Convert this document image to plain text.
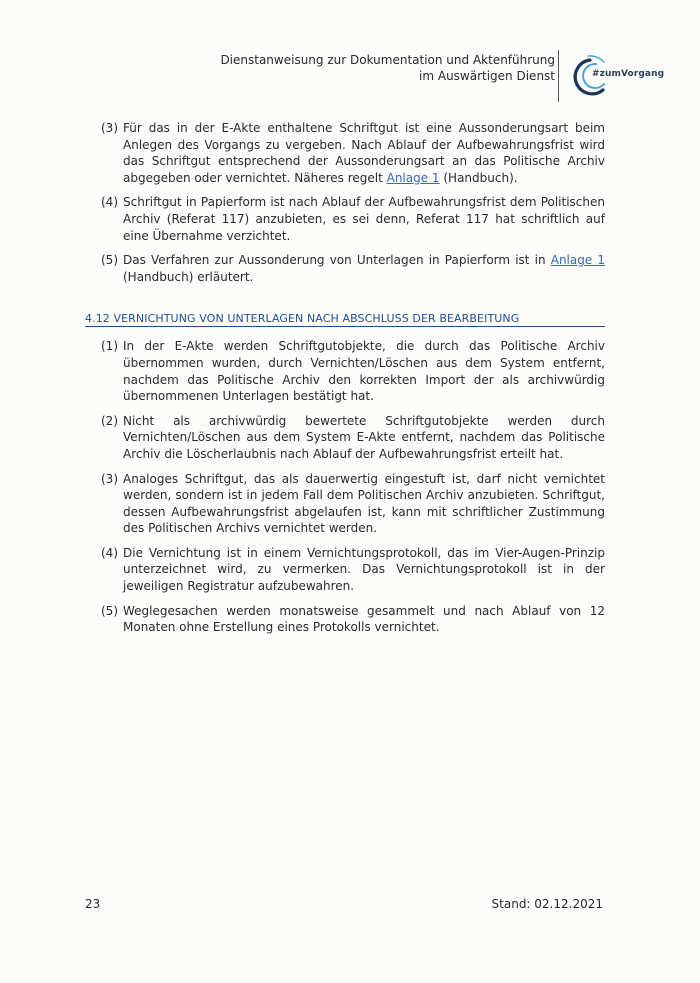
Dienstanweisung zur Dokumentation und Aktenführung
im Auswärtigen Dienst	#zumVorgang
(3) Für das in der E-Akte enthaltene Schriftgut ist eine Aussonderungsart beim Anlegen des Vorgangs zu vergeben. Nach Ablauf der Aufbewahrungsfrist wird das Schriftgut entsprechend der Aussonderungsart an das Politische Archiv abgegeben oder vernichtet. Näheres regelt Anlage 1 (Handbuch).
(4) Schriftgut in Papierform ist nach Ablauf der Aufbewahrungsfrist dem Politischen Archiv (Referat 117) anzubieten, es sei denn, Referat 117 hat schriftlich auf eine Übernahme verzichtet.
(5) Das Verfahren zur Aussonderung von Unterlagen in Papierform ist in Anlage 1 (Handbuch) erläutert.
4.12 VERNICHTUNG VON UNTERLAGEN NACH ABSCHLUSS DER BEARBEITUNG
(1) In der E-Akte werden Schriftgutobjekte, die durch das Politische Archiv übernommen wurden, durch Vernichten/Löschen aus dem System entfernt, nachdem das Politische Archiv den korrekten Import der als archivwürdig übernommenen Unterlagen bestätigt hat.
(2) Nicht als archivwürdig bewertete Schriftgutobjekte werden durch Vernichten/Löschen aus dem System E-Akte entfernt, nachdem das Politische Archiv die Löscherlaubnis nach Ablauf der Aufbewahrungsfrist erteilt hat.
(3) Analoges Schriftgut, das als dauerwertig eingestuft ist, darf nicht vernichtet werden, sondern ist in jedem Fall dem Politischen Archiv anzubieten. Schriftgut, dessen Aufbewahrungsfrist abgelaufen ist, kann mit schriftlicher Zustimmung des Politischen Archivs vernichtet werden.
(4) Die Vernichtung ist in einem Vernichtungsprotokoll, das im Vier-Augen-Prinzip unterzeichnet wird, zu vermerken. Das Vernichtungsprotokoll ist in der jeweiligen Registratur aufzubewahren.
(5) Weglegesachen werden monatsweise gesammelt und nach Ablauf von 12 Monaten ohne Erstellung eines Protokolls vernichtet.
23	Stand: 02.12.2021
